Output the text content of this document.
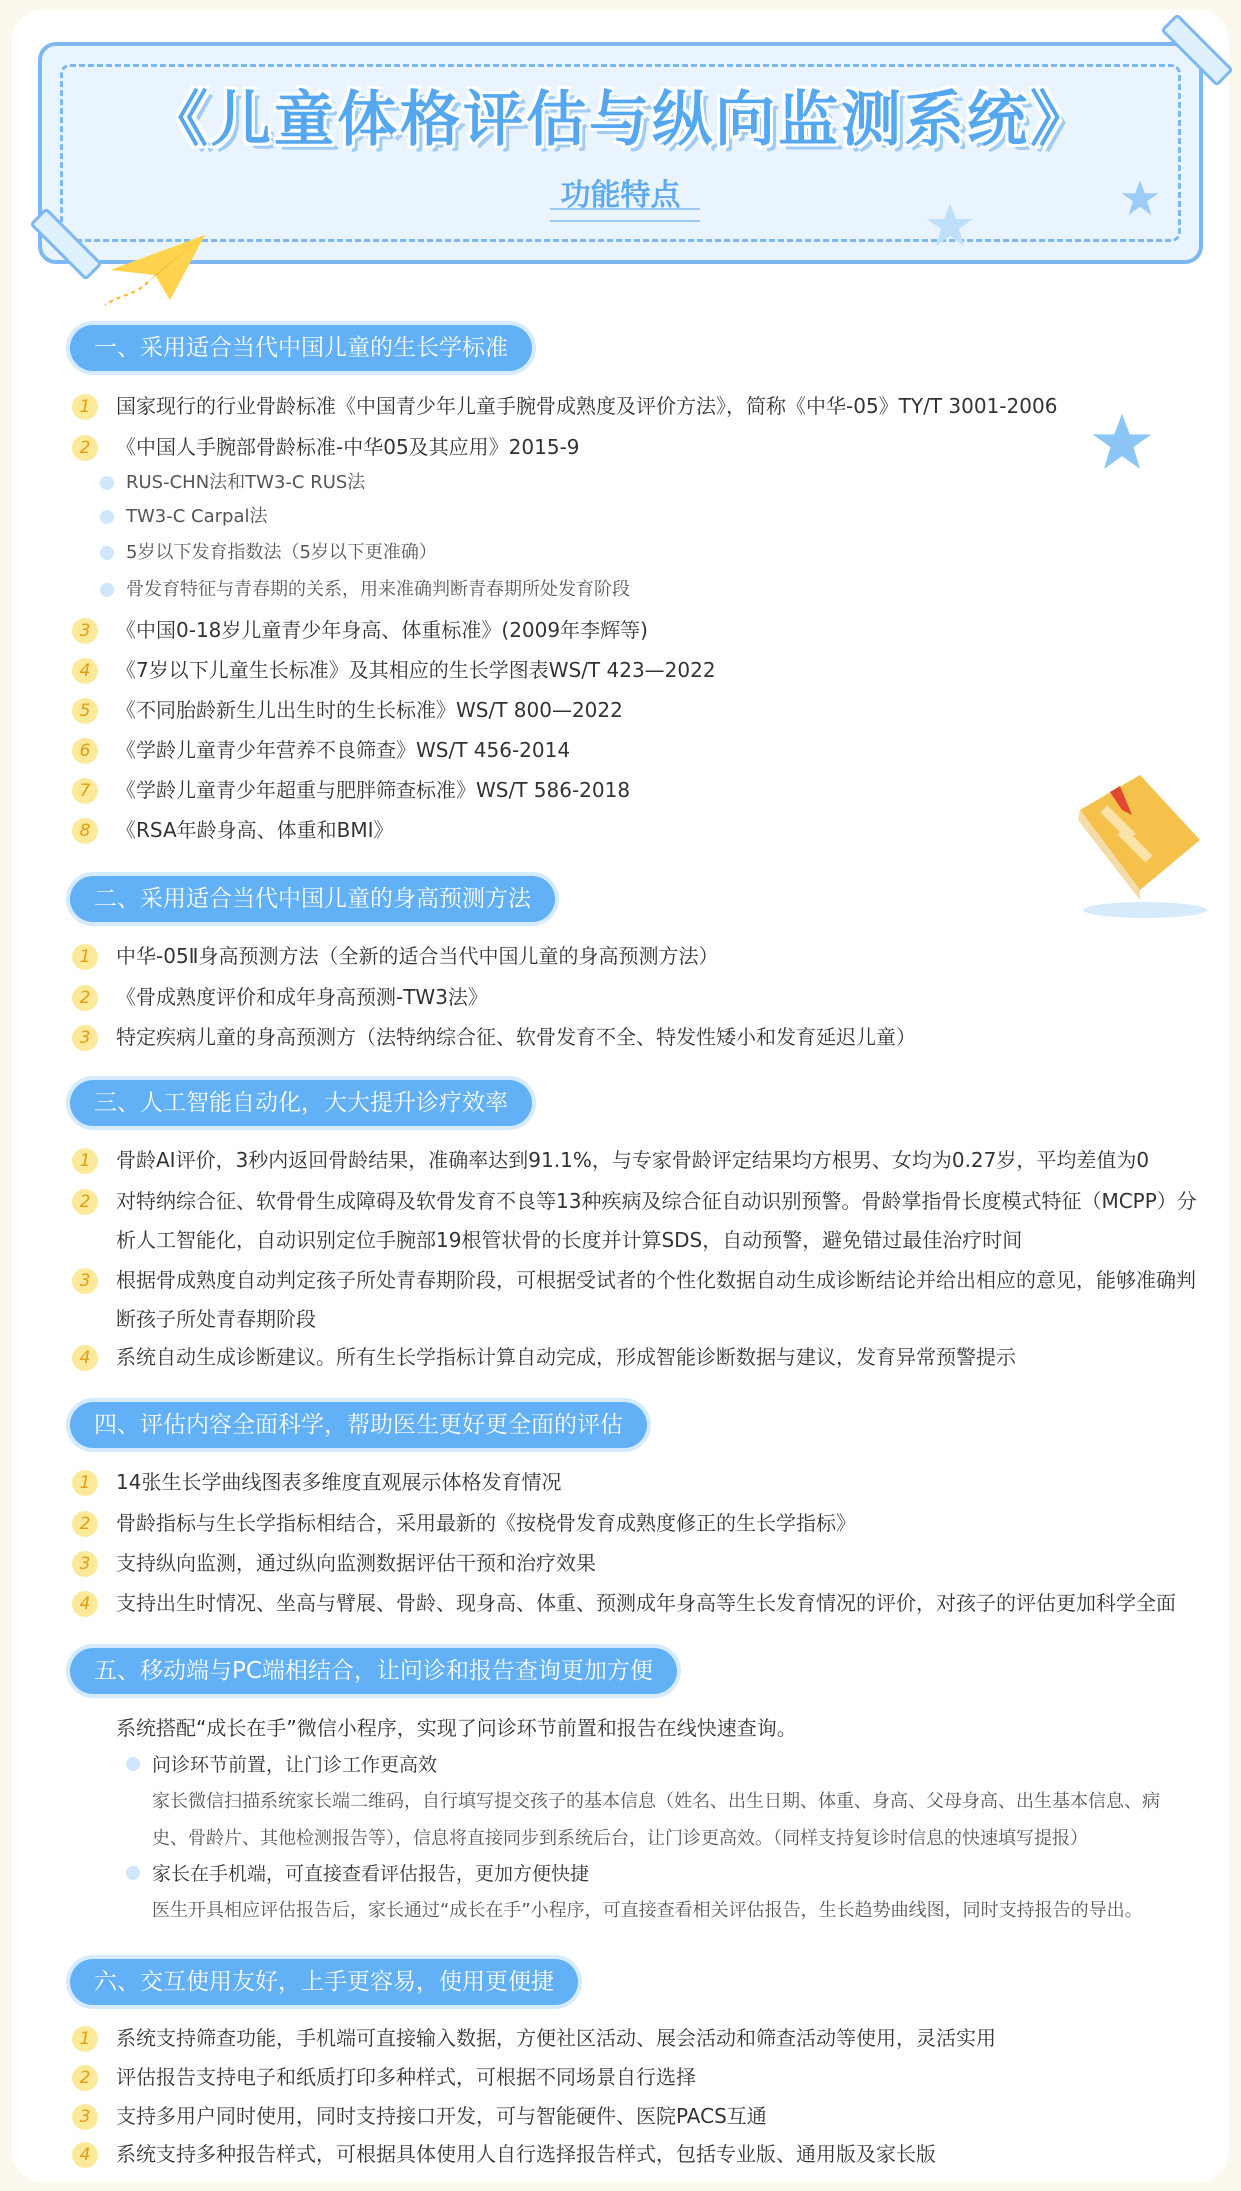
《儿童体格评估与纵向监测系统》
功能特点
一、采用适合当代中国儿童的生长学标准
1	国家现行的行业骨龄标准《中国青少年儿童手腕骨成熟度及评价方法》，简称《中华-05》TY/T 3001-2006
2	《中国人手腕部骨龄标准-中华05及其应用》2015-9
RUS-CHN法和TW3-C RUS法
TW3-C Carpal法
5岁以下发育指数法（5岁以下更准确）
骨发育特征与青春期的关系，用来准确判断青春期所处发育阶段
3	《中国0-18岁儿童青少年身高、体重标准》(2009年李辉等)
4	《7岁以下儿童生长标准》及其相应的生长学图表WS/T 423—2022
5	《不同胎龄新生儿出生时的生长标准》WS/T 800—2022
6	《学龄儿童青少年营养不良筛查》WS/T 456-2014
7	《学龄儿童青少年超重与肥胖筛查标准》WS/T 586-2018
8	《RSA年龄身高、体重和BMI》
二、采用适合当代中国儿童的身高预测方法
1	中华-05Ⅱ身高预测方法（全新的适合当代中国儿童的身高预测方法）
2	《骨成熟度评价和成年身高预测-TW3法》
3	特定疾病儿童的身高预测方（法特纳综合征、软骨发育不全、特发性矮小和发育延迟儿童）
三、人工智能自动化，大大提升诊疗效率
1	骨龄AI评价，3秒内返回骨龄结果，准确率达到91.1%，与专家骨龄评定结果均方根男、女均为0.27岁，平均差值为0
2	对特纳综合征、软骨骨生成障碍及软骨发育不良等13种疾病及综合征自动识别预警。骨龄掌指骨长度模式特征（MCPP）分析人工智能化，自动识别定位手腕部19根管状骨的长度并计算SDS，自动预警，避免错过最佳治疗时间
3	根据骨成熟度自动判定孩子所处青春期阶段，可根据受试者的个性化数据自动生成诊断结论并给出相应的意见，能够准确判断孩子所处青春期阶段
4	系统自动生成诊断建议。所有生长学指标计算自动完成，形成智能诊断数据与建议，发育异常预警提示
四、评估内容全面科学，帮助医生更好更全面的评估
1	14张生长学曲线图表多维度直观展示体格发育情况
2	骨龄指标与生长学指标相结合，采用最新的《按桡骨发育成熟度修正的生长学指标》
3	支持纵向监测，通过纵向监测数据评估干预和治疗效果
4	支持出生时情况、坐高与臂展、骨龄、现身高、体重、预测成年身高等生长发育情况的评价，对孩子的评估更加科学全面
五、移动端与PC端相结合，让问诊和报告查询更加方便
系统搭配“成长在手”微信小程序，实现了问诊环节前置和报告在线快速查询。
问诊环节前置，让门诊工作更高效
家长微信扫描系统家长端二维码，自行填写提交孩子的基本信息（姓名、出生日期、体重、身高、父母身高、出生基本信息、病史、骨龄片、其他检测报告等），信息将直接同步到系统后台，让门诊更高效。（同样支持复诊时信息的快速填写提报）
家长在手机端，可直接查看评估报告，更加方便快捷
医生开具相应评估报告后，家长通过“成长在手”小程序，可直接查看相关评估报告，生长趋势曲线图，同时支持报告的导出。
六、交互使用友好，上手更容易，使用更便捷
1	系统支持筛查功能，手机端可直接输入数据，方便社区活动、展会活动和筛查活动等使用，灵活实用
2	评估报告支持电子和纸质打印多种样式，可根据不同场景自行选择
3	支持多用户同时使用，同时支持接口开发，可与智能硬件、医院PACS互通
4	系统支持多种报告样式，可根据具体使用人自行选择报告样式，包括专业版、通用版及家长版
